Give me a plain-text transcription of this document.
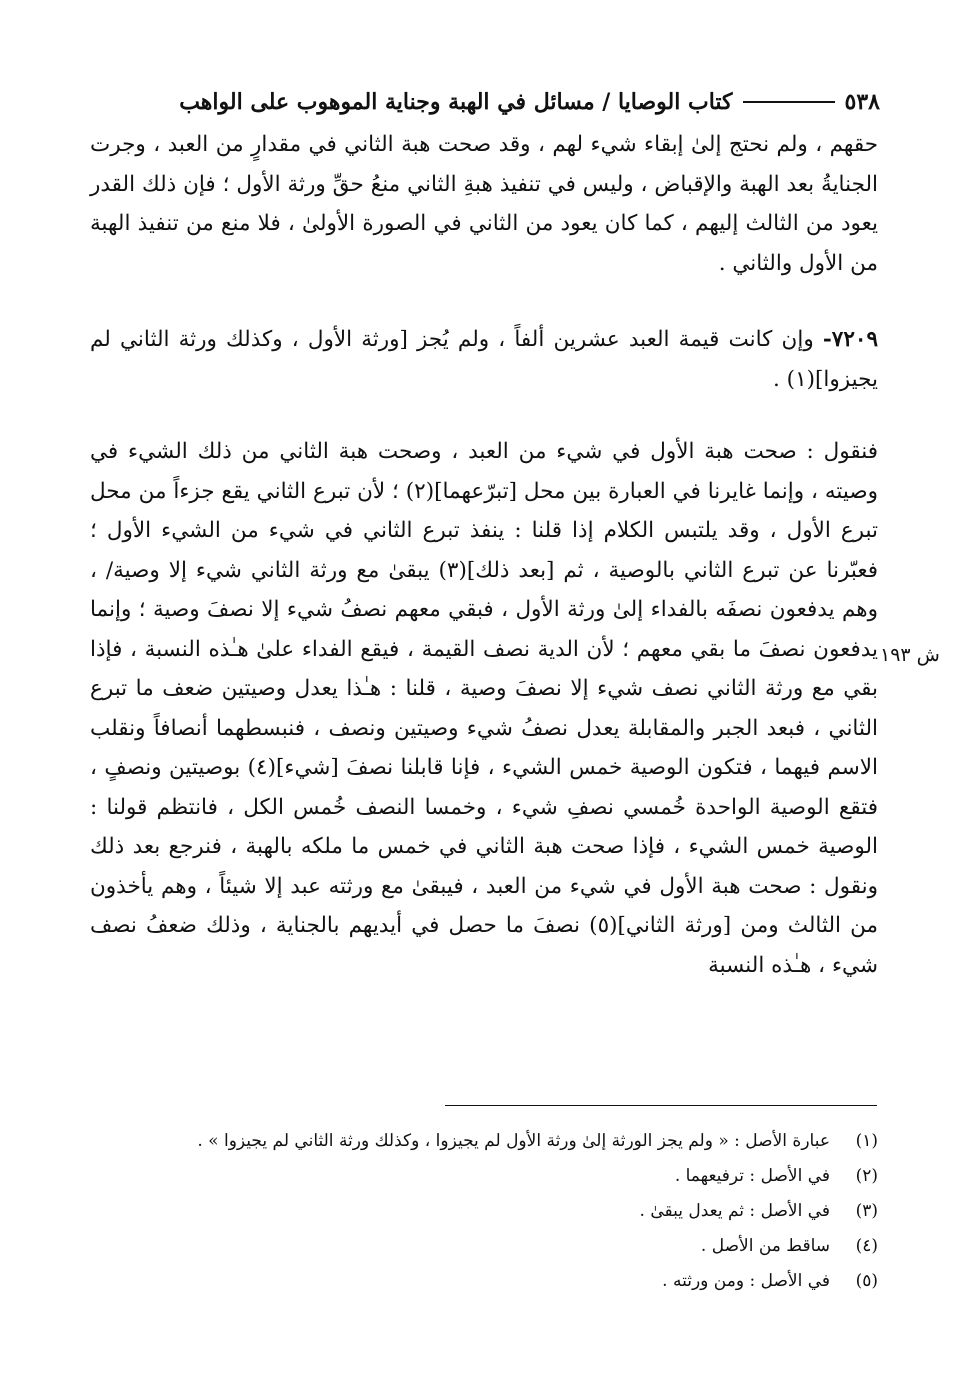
٥٣٨
كتاب الوصايا / مسائل في الهبة وجناية الموهوب على الواهب

حقهم ، ولم نحتج إلىٰ إبقاء شيء لهم ، وقد صحت هبة الثاني في مقدارٍ من العبد ، وجرت الجنايةُ بعد الهبة والإقباض ، وليس في تنفيذ هبةِ الثاني منعُ حقِّ ورثة الأول ؛ فإن ذلك القدر يعود من الثالث إليهم ، كما كان يعود من الثاني في الصورة الأولىٰ ، فلا منع من تنفيذ الهبة من الأول والثاني .

٧٢٠٩- وإن كانت قيمة العبد عشرين ألفاً ، ولم يُجز [ورثة الأول ، وكذلك ورثة الثاني لم يجيزوا](١) .

فنقول : صحت هبة الأول في شيء من العبد ، وصحت هبة الثاني من ذلك الشيء في وصيته ، وإنما غايرنا في العبارة بين محل [تبرّعهما](٢) ؛ لأن تبرع الثاني يقع جزءاً من محل تبرع الأول ، وقد يلتبس الكلام إذا قلنا : ينفذ تبرع الثاني في شيء من الشيء الأول ؛ فعبّرنا عن تبرع الثاني بالوصية ، ثم [بعد ذلك](٣) يبقىٰ مع ورثة الثاني شيء إلا وصية/ ، وهم يدفعون نصفَه بالفداء إلىٰ ورثة الأول ، فبقي معهم نصفُ شيء إلا نصفَ وصية ؛ وإنما يدفعون نصفَ ما بقي معهم ؛ لأن الدية نصف القيمة ، فيقع الفداء علىٰ هـٰذه النسبة ، فإذا بقي مع ورثة الثاني نصف شيء إلا نصفَ وصية ، قلنا : هـٰذا يعدل وصيتين ضعف ما تبرع الثاني ، فبعد الجبر والمقابلة يعدل نصفُ شيء وصيتين ونصف ، فنبسطهما أنصافاً ونقلب الاسم فيهما ، فتكون الوصية خمس الشيء ، فإنا قابلنا نصفَ [شيء](٤) بوصيتين ونصفٍ ، فتقع الوصية الواحدة خُمسي نصفِ شيء ، وخمسا النصف خُمس الكل ، فانتظم قولنا : الوصية خمس الشيء ، فإذا صحت هبة الثاني في خمس ما ملكه بالهبة ، فنرجع بعد ذلك ونقول : صحت هبة الأول في شيء من العبد ، فيبقىٰ مع ورثته عبد إلا شيئاً ، وهم يأخذون من الثالث ومن [ورثة الثاني](٥) نصفَ ما حصل في أيديهم بالجناية ، وذلك ضعفُ نصف شيء ، هـٰذه النسبة

ش ١٩٣
(١)
عبارة الأصل : « ولم يجز الورثة إلىٰ ورثة الأول لم يجيزوا ، وكذلك ورثة الثاني لم يجيزوا » .
(٢)
في الأصل : ترفيعهما .
(٣)
في الأصل : ثم يعدل يبقىٰ .
(٤)
ساقط من الأصل .
(٥)
في الأصل : ومن ورثته .
